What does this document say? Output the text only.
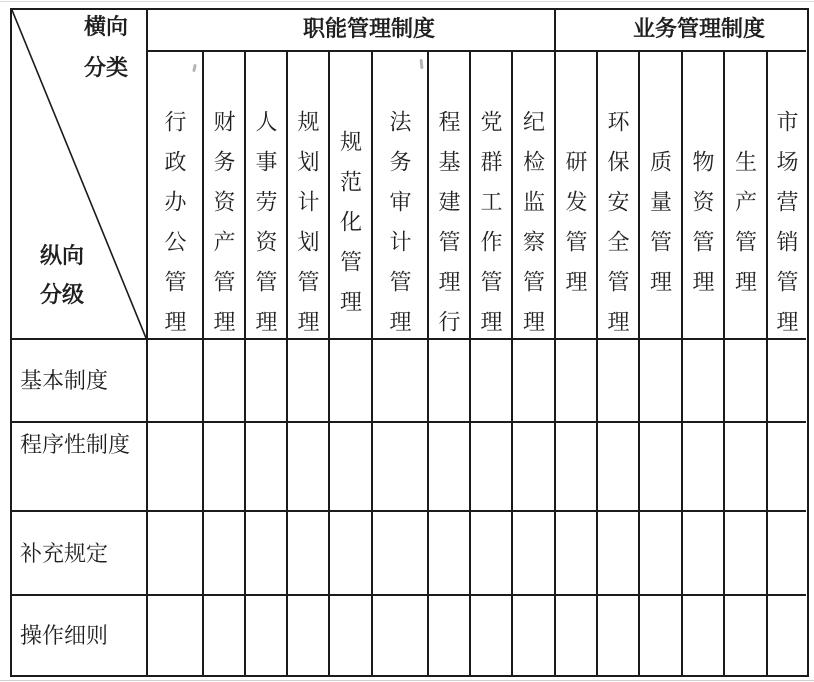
横向
分类
纵向
分级
职能管理制度	业务管理制度
行政办公管理 财务资产管理 人事劳资管理 规划计划管理 规范化管理 法务审计管理 程基建管理行 党群工作管理 纪检监察管理 研发管理 环保安全管理 质量管理 物资管理 生产管理 市场营销管理
基本制度
程序性制度
补充规定
操作细则
